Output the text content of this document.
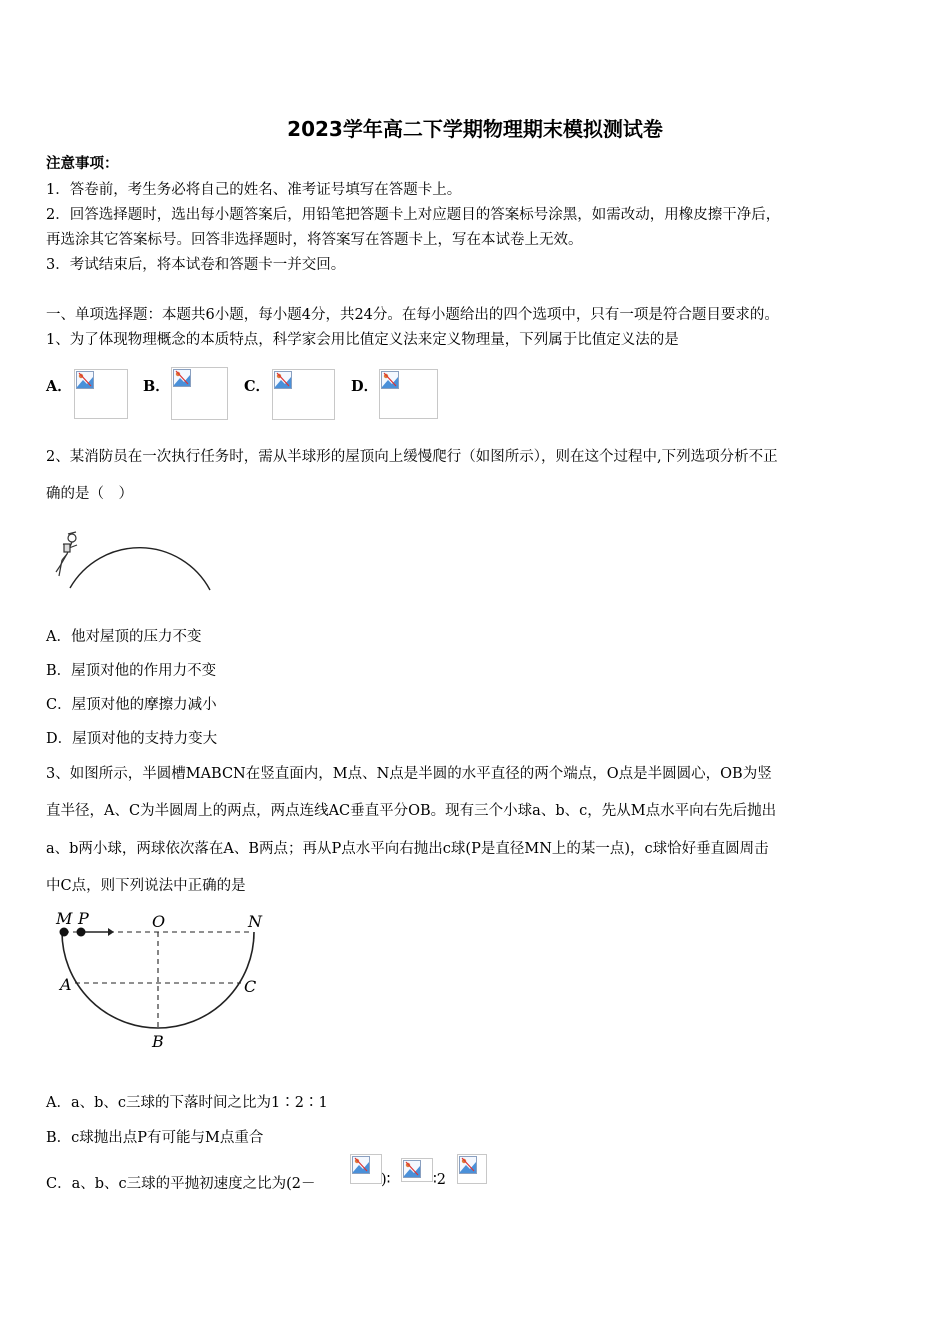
2023学年高二下学期物理期末模拟测试卷
注意事项：
1．答卷前，考生务必将自己的姓名、准考证号填写在答题卡上。
2．回答选择题时，选出每小题答案后，用铅笔把答题卡上对应题目的答案标号涂黑，如需改动，用橡皮擦干净后，
再选涂其它答案标号。回答非选择题时，将答案写在答题卡上，写在本试卷上无效。
3．考试结束后，将本试卷和答题卡一并交回。
一、单项选择题：本题共6小题，每小题4分，共24分。在每小题给出的四个选项中，只有一项是符合题目要求的。
1、为了体现物理概念的本质特点，科学家会用比值定义法来定义物理量，下列属于比值定义法的是
A．	B．	C．	D．
2、某消防员在一次执行任务时，需从半球形的屋顶向上缓慢爬行（如图所示），则在这个过程中,下列选项分析不正
确的是（　）
A．他对屋顶的压力不变
B．屋顶对他的作用力不变
C．屋顶对他的摩擦力减小
D．屋顶对他的支持力变大
3、如图所示，半圆槽MABCN在竖直面内，M点、N点是半圆的水平直径的两个端点，O点是半圆圆心，OB为竖
直半径，A、C为半圆周上的两点，两点连线AC垂直平分OB。现有三个小球a、b、c，先从M点水平向右先后抛出
a、b两小球，两球依次落在A、B两点；再从P点水平向右抛出c球(P是直径MN上的某一点)，c球恰好垂直圆周击
中C点，则下列说法中正确的是
M P	O	N
A	C
B
A．a、b、c三球的下落时间之比为1∶2∶1
B．c球抛出点P有可能与M点重合
C．a、b、c三球的平抛初速度之比为(2－	)∶	∶2
